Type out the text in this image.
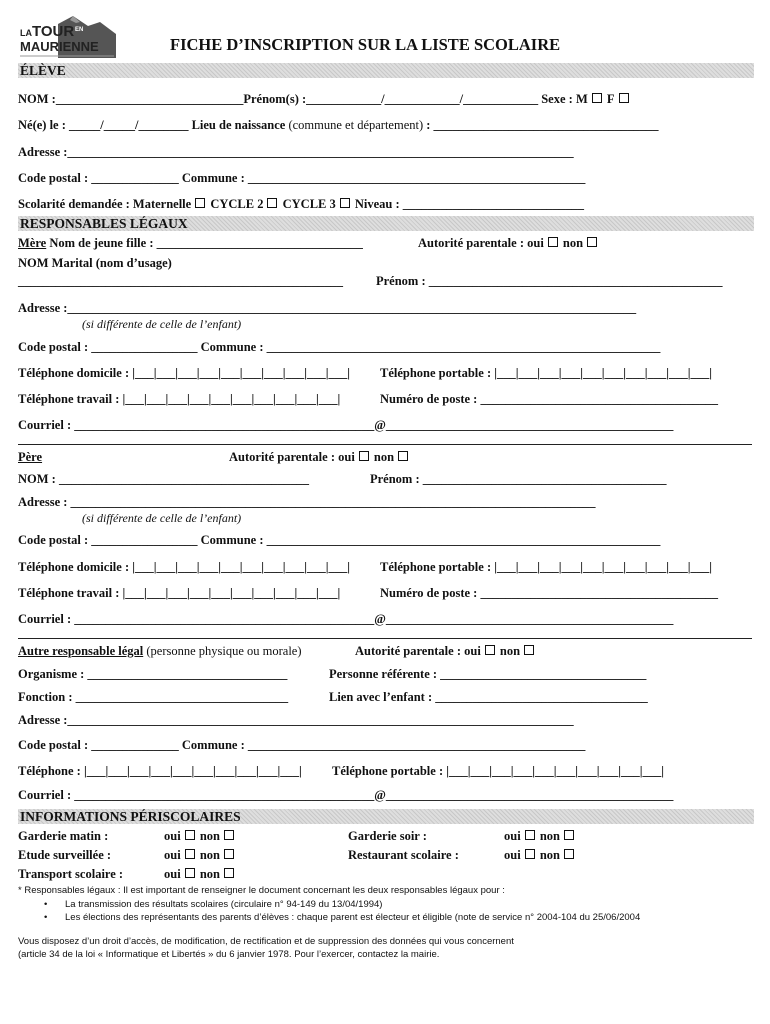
LA TOUR EN
MAURIENNE	FICHE D’INSCRIPTION SUR LA LISTE SCOLAIRE
ÉLÈVE
NOM :______________________________Prénom(s) :____________/____________/____________ Sexe : M F
Né(e) le : _____/_____/________ Lieu de naissance (commune et département) : ____________________________________
Adresse :_________________________________________________________________________________
Code postal : ______________ Commune : ______________________________________________________
Scolarité demandée : Maternelle CYCLE 2 CYCLE 3 Niveau : _____________________________
RESPONSABLES LÉGAUX
Mère Nom de jeune fille : _________________________________	Autorité parentale : oui non
NOM Marital (nom d’usage)
____________________________________________________	Prénom : _______________________________________________
Adresse :___________________________________________________________________________________________
(si différente de celle de l’enfant)
Code postal : _________________ Commune : _______________________________________________________________
Téléphone domicile : |___|___|___|___|___|___|___|___|___|___| Téléphone portable : |___|___|___|___|___|___|___|___|___|___|
Téléphone travail : |___|___|___|___|___|___|___|___|___|___|	Numéro de poste : ______________________________________
Courriel : ________________________________________________@______________________________________________
Père	Autorité parentale : oui non
NOM : ________________________________________	Prénom : _______________________________________
Adresse : ____________________________________________________________________________________
(si différente de celle de l’enfant)
Code postal : _________________ Commune : _______________________________________________________________
Téléphone domicile : |___|___|___|___|___|___|___|___|___|___| Téléphone portable : |___|___|___|___|___|___|___|___|___|___|
Téléphone travail : |___|___|___|___|___|___|___|___|___|___|	Numéro de poste : ______________________________________
Courriel : ________________________________________________@______________________________________________
Autre responsable légal (personne physique ou morale)	Autorité parentale : oui non
Organisme : ________________________________	Personne référente : _________________________________
Fonction : __________________________________	Lien avec l’enfant : __________________________________
Adresse :_________________________________________________________________________________
Code postal : ______________ Commune : ______________________________________________________
Téléphone : |___|___|___|___|___|___|___|___|___|___| Téléphone portable : |___|___|___|___|___|___|___|___|___|___|
Courriel : ________________________________________________@______________________________________________
INFORMATIONS PÉRISCOLAIRES
Garderie matin :	oui non	Garderie soir :	oui non
Etude surveillée :	oui non	Restaurant scolaire :	oui non
Transport scolaire :	oui non
* Responsables légaux : Il est important de renseigner le document concernant les deux responsables légaux pour :
• La transmission des résultats scolaires (circulaire n° 94-149 du 13/04/1994)
• Les élections des représentants des parents d’élèves : chaque parent est électeur et éligible (note de service n° 2004-104 du 25/06/2004
Vous disposez d’un droit d’accès, de modification, de rectification et de suppression des données qui vous concernent
(article 34 de la loi « Informatique et Libertés » du 6 janvier 1978. Pour l’exercer, contactez la mairie.
